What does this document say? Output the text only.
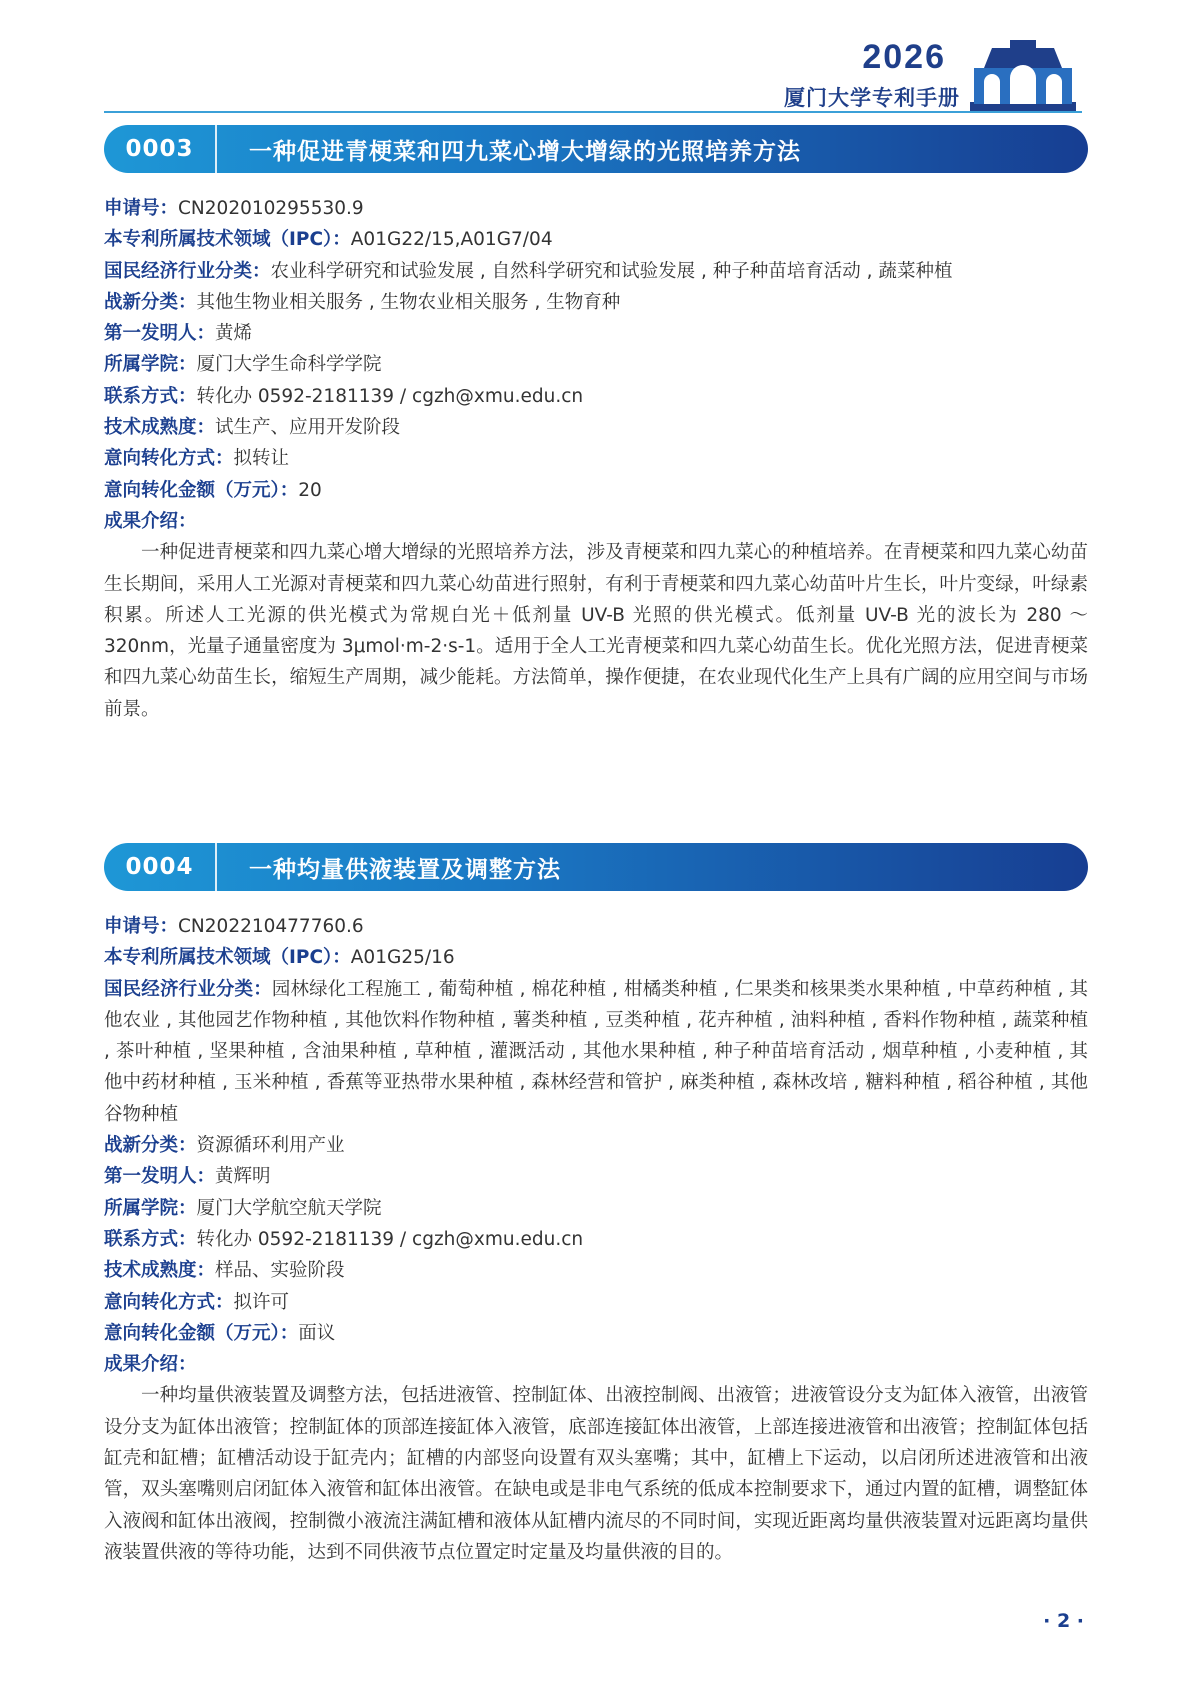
2026
厦门大学专利手册
0003	一种促进青梗菜和四九菜心增大增绿的光照培养方法
申请号：CN202010295530.9
本专利所属技术领域（IPC）：A01G22/15,A01G7/04
国民经济行业分类：农业科学研究和试验发展 , 自然科学研究和试验发展 , 种子种苗培育活动 , 蔬菜种植
战新分类：其他生物业相关服务 , 生物农业相关服务 , 生物育种
第一发明人：黄烯
所属学院：厦门大学生命科学学院
联系方式：转化办 0592-2181139 / cgzh@xmu.edu.cn
技术成熟度：试生产、应用开发阶段
意向转化方式：拟转让
意向转化金额（万元）：20
成果介绍：

一种促进青梗菜和四九菜心增大增绿的光照培养方法，涉及青梗菜和四九菜心的种植培养。在青梗菜和四九菜心幼苗生长期间，采用人工光源对青梗菜和四九菜心幼苗进行照射，有利于青梗菜和四九菜心幼苗叶片生长，叶片变绿，叶绿素积累。所述人工光源的供光模式为常规白光＋低剂量 UV-B 光照的供光模式。低剂量 UV-B 光的波长为 280 ～ 320nm，光量子通量密度为 3μmol·m-2·s-1。适用于全人工光青梗菜和四九菜心幼苗生长。优化光照方法，促进青梗菜和四九菜心幼苗生长，缩短生产周期，减少能耗。方法简单，操作便捷，在农业现代化生产上具有广阔的应用空间与市场前景。

0004	一种均量供液装置及调整方法
申请号：CN202210477760.6
本专利所属技术领域（IPC）：A01G25/16
国民经济行业分类：园林绿化工程施工 , 葡萄种植 , 棉花种植 , 柑橘类种植 , 仁果类和核果类水果种植 , 中草药种植 , 其他农业 , 其他园艺作物种植 , 其他饮料作物种植 , 薯类种植 , 豆类种植 , 花卉种植 , 油料种植 , 香料作物种植 , 蔬菜种植 , 茶叶种植 , 坚果种植 , 含油果种植 , 草种植 , 灌溉活动 , 其他水果种植 , 种子种苗培育活动 , 烟草种植 , 小麦种植 , 其他中药材种植 , 玉米种植 , 香蕉等亚热带水果种植 , 森林经营和管护 , 麻类种植 , 森林改培 , 糖料种植 , 稻谷种植 , 其他谷物种植
战新分类：资源循环利用产业
第一发明人：黄辉明
所属学院：厦门大学航空航天学院
联系方式：转化办 0592-2181139 / cgzh@xmu.edu.cn
技术成熟度：样品、实验阶段
意向转化方式：拟许可
意向转化金额（万元）：面议
成果介绍：

一种均量供液装置及调整方法，包括进液管、控制缸体、出液控制阀、出液管；进液管设分支为缸体入液管，出液管设分支为缸体出液管；控制缸体的顶部连接缸体入液管，底部连接缸体出液管，上部连接进液管和出液管；控制缸体包括缸壳和缸槽；缸槽活动设于缸壳内；缸槽的内部竖向设置有双头塞嘴；其中，缸槽上下运动，以启闭所述进液管和出液管，双头塞嘴则启闭缸体入液管和缸体出液管。在缺电或是非电气系统的低成本控制要求下，通过内置的缸槽，调整缸体入液阀和缸体出液阀，控制微小液流注满缸槽和液体从缸槽内流尽的不同时间，实现近距离均量供液装置对远距离均量供液装置供液的等待功能，达到不同供液节点位置定时定量及均量供液的目的。

· 2 ·
